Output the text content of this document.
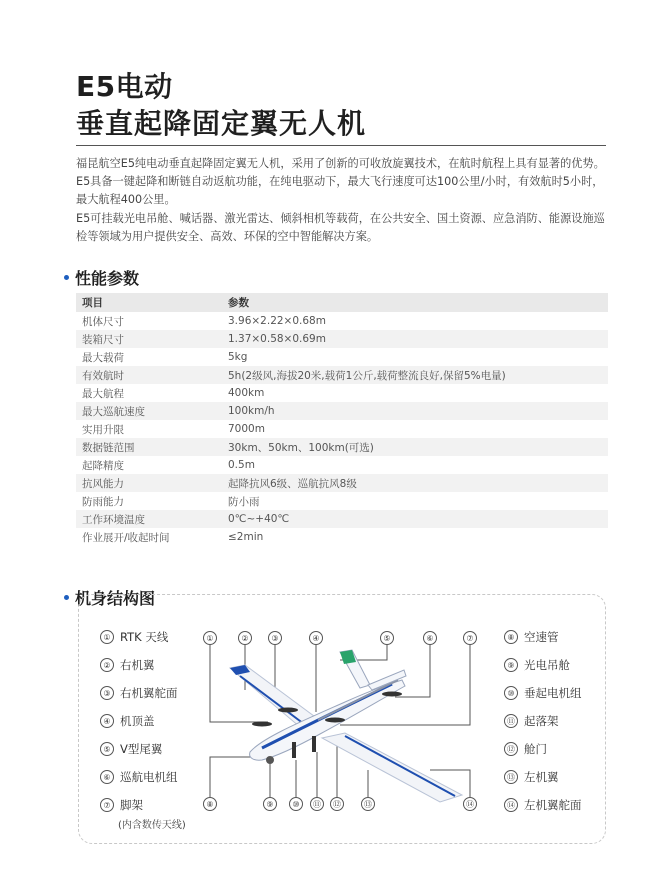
E5电动
垂直起降固定翼无人机

福昆航空E5纯电动垂直起降固定翼无人机，采用了创新的可收放旋翼技术，在航时航程上具有显著的优势。E5具备一键起降和断链自动返航功能，在纯电驱动下，最大飞行速度可达100公里/小时，有效航时5小时，最大航程400公里。

E5可挂载光电吊舱、喊话器、激光雷达、倾斜相机等载荷，在公共安全、国土资源、应急消防、能源设施巡检等领域为用户提供安全、高效、环保的空中智能解决方案。

性能参数
项目	参数
机体尺寸	3.96×2.22×0.68m
装箱尺寸	1.37×0.58×0.69m
最大载荷	5kg
有效航时	5h(2级风,海拔20米,载荷1公斤,载荷整流良好,保留5%电量)
最大航程	400km
最大巡航速度	100km/h
实用升限	7000m
数据链范围	30km、50km、100km(可选)
起降精度	0.5m
抗风能力	起降抗风6级、巡航抗风8级
防雨能力	防小雨
工作环境温度	0℃~+40℃
作业展开/收起时间	≤2min
机身结构图
①	②	③	④	⑤	⑥	⑦
⑧	⑨	⑩	⑪	⑫	⑬	⑭
① RTK 天线
② 右机翼
③ 右机翼舵面
④ 机顶盖
⑤ V型尾翼
⑥ 巡航电机组
⑦ 脚架
(内含数传天线)
⑧ 空速管
⑨ 光电吊舱
⑩ 垂起电机组
⑪ 起落架
⑫ 舱门
⑬ 左机翼
⑭ 左机翼舵面
